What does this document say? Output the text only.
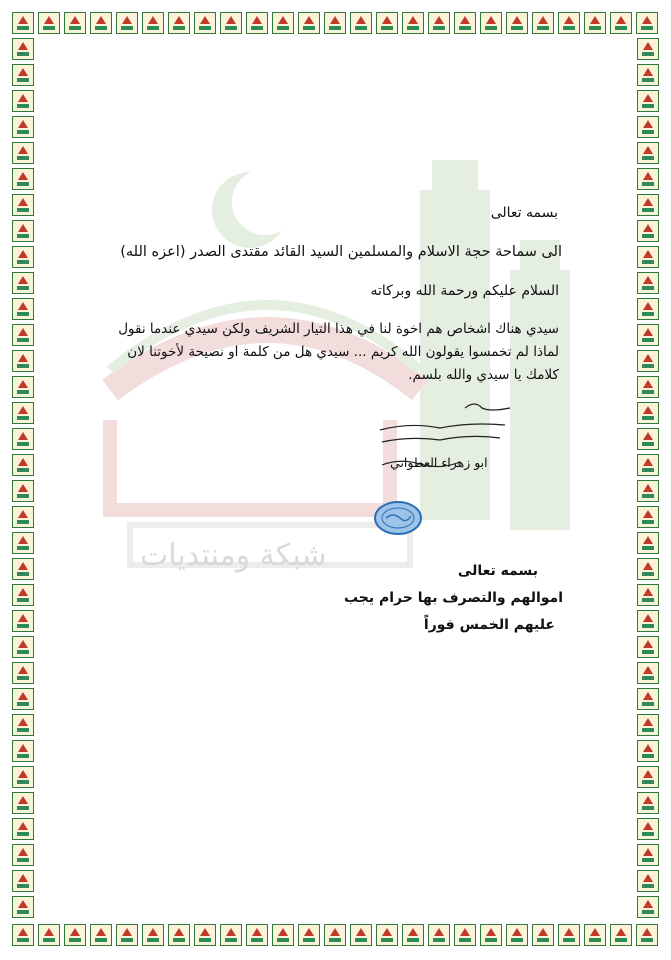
شبكة ومنتديات
بسمه تعالى
الى سماحة حجة الاسلام والمسلمين السيد القائد مقتدى الصدر (اعزه الله)
السلام عليكم ورحمة الله وبركاته
سيدي هناك اشخاص هم اخوة لنا في هذا التيار الشريف ولكن سيدي عندما نقول
لماذا لم تخمسوا يقولون الله كريم ... سيدي هل من كلمة او نصيحة لأخوتنا لان
كلامك يا سيدي والله بلسم.
ابو زهراء العطواني
بسمه تعالى
اموالهم والتصرف بها حرام يجب
عليهم الخمس فوراً
